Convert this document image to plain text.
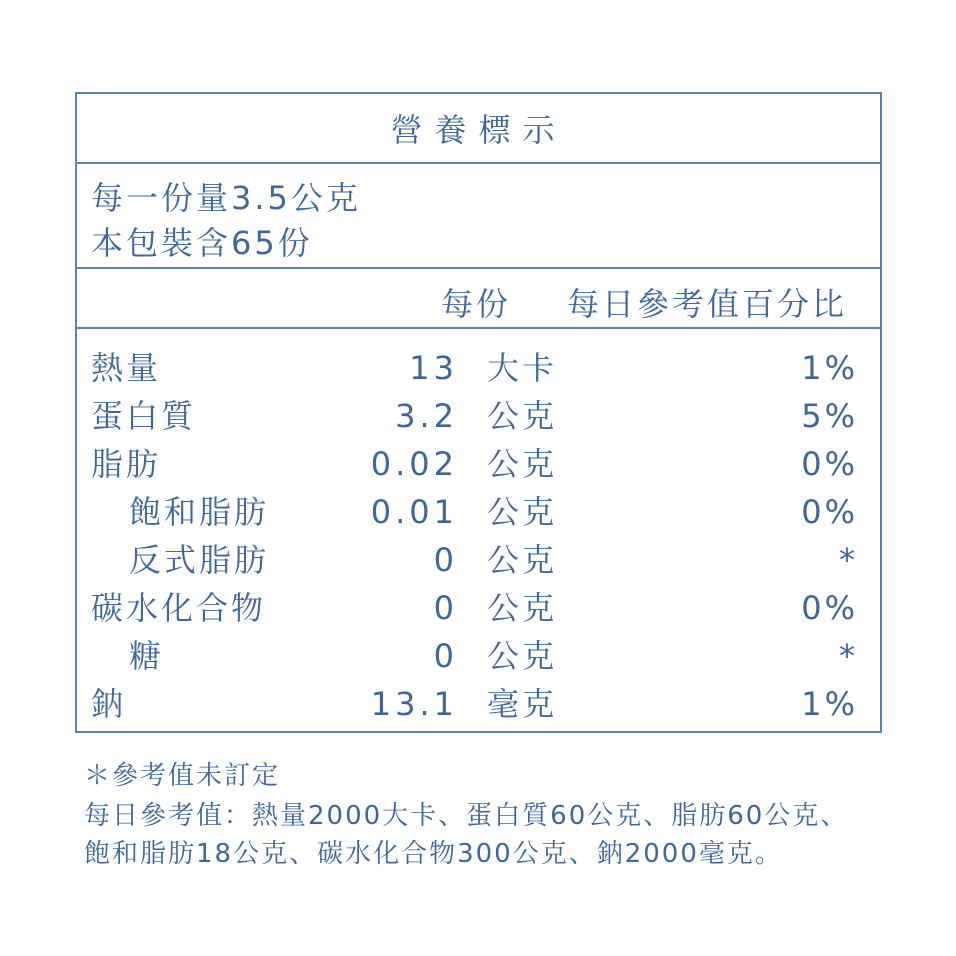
營養標示
每一份量3.5公克
本包裝含65份
每份 每日參考值百分比
熱量	13 大卡	1%
蛋白質	3.2 公克	5%
脂肪	0.02 公克	0%
飽和脂肪	0.01 公克	0%
反式脂肪	0 公克	*
碳水化合物	0 公克	0%
糖	0 公克	*
鈉	13.1 毫克	1%
＊參考值未訂定
每日參考值：熱量2000大卡、蛋白質60公克、脂肪60公克、
飽和脂肪18公克、碳水化合物300公克、鈉2000毫克。
